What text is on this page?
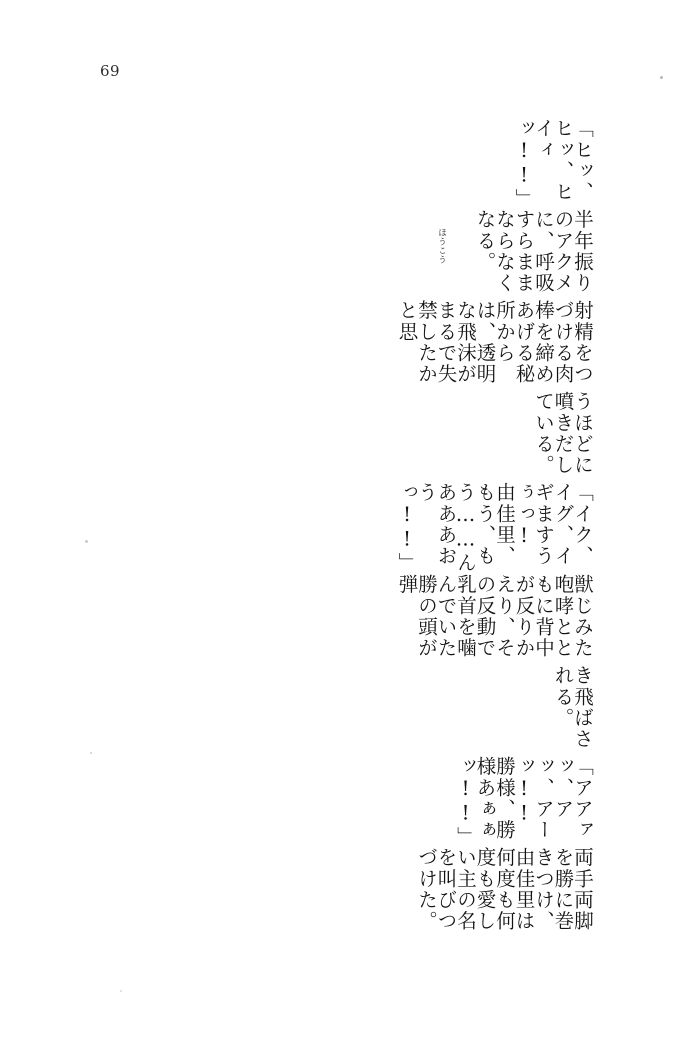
69
「ヒッ、ヒッ、ヒイィッ!!」
半年振りのアクメに、呼吸すらままならなくなる。
射精をつづける肉棒を締めあげる秘所からは、透明な飛沫がまるで失禁したかと思
うほどに噴きだしている。
「イク、イグ、イギますうぅっ!　由佳里、もう、もう……んあああおうっ!!」
獣じみた咆哮とともに背中が反りかえり、その反動で乳首を噛んでいた勝の頭が弾
き飛ばされる。
「アアァッ、アッ、アーッ!!　勝様、勝様あぁぁッ!!」
両手両脚を勝に巻きつけ、由佳里は何度も何度も愛しい主の名を叫びつづけた。
ほうこう
